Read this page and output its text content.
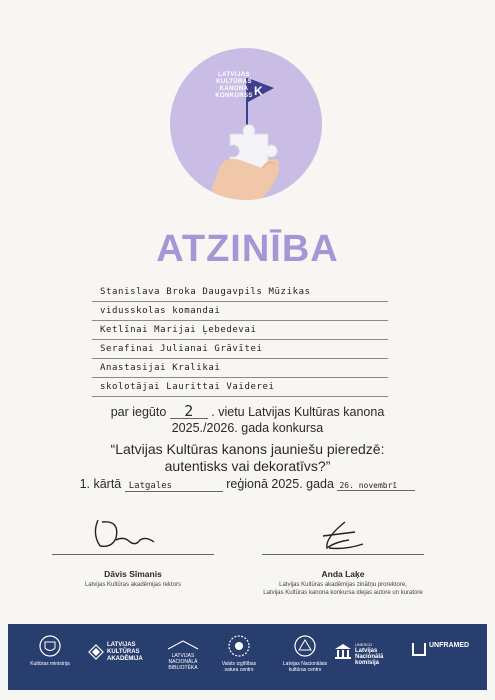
K
LATVIJAS
KULTŪRAS
KANONA
KONKURSS
ATZINĪBA
Stanislava Broka Daugavpils Mūzikas
vidusskolas komandai
Ketlīnai Marijai Ļebedevai
Serafinai Julianai Grāvītei
Anastasijai Kralikai
skolotājai Laurittai Vaiderei
par iegūto 2 . vietu Latvijas Kultūras kanona
2025./2026. gada konkursa
“Latvijas Kultūras kanons jauniešu pieredzē:
autentisks vai dekoratīvs?”
1. kārtā Latgales	reģionā 2025. gada 26. novembrī
Dāvis Sīmanis
Latvijas Kultūras akadēmijas rektors
Anda Laķe
Latvijas Kultūras akadēmijas zinātņu prorektore,
Latvijas Kultūras kanona konkursa idejas autore un kuratore
Kultūras ministrija
LATVIJAS
KULTŪRAS
AKADĒMIJA	LATVIJAS
NACIONĀLĀ
BIBLIOTĒKA
Valsts izglītības
satura centrs
Latvijas Nacionālais
kultūras centrs
UNESCO
Latvijas
Nacionālā komisija
UNFRAMED
